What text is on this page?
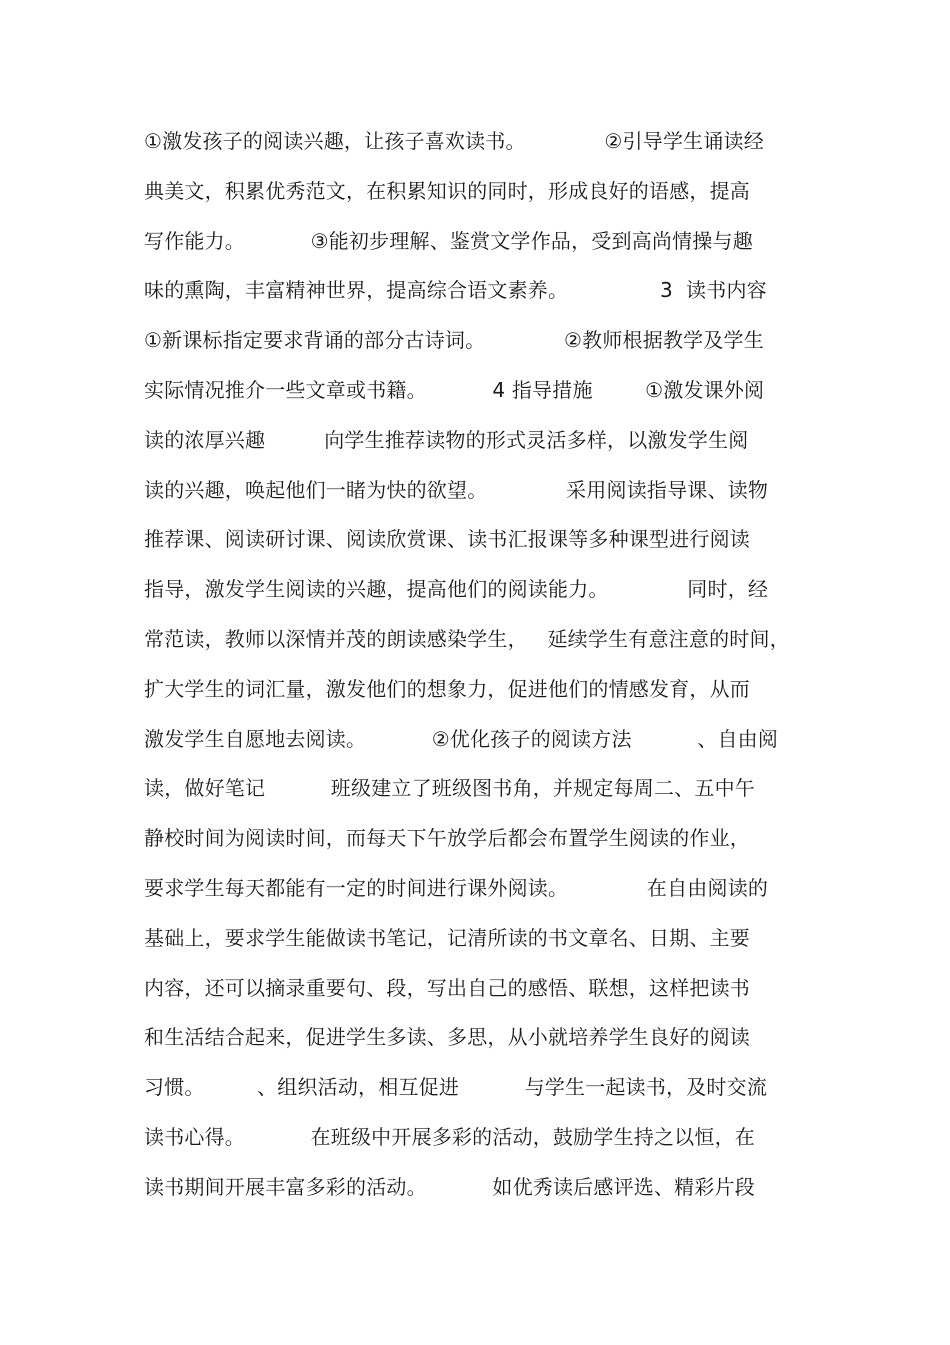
①激发孩子的阅读兴趣，让孩子喜欢读书。            ②引导学生诵读经
典美文，积累优秀范文，在积累知识的同时，形成良好的语感，提高
写作能力。          ③能初步理解、鉴赏文学作品，受到高尚情操与趣
味的熏陶，丰富精神世界，提高综合语文素养。              3  读书内容
①新课标指定要求背诵的部分古诗词。            ②教师根据教学及学生
实际情况推介一些文章或书籍。          4 指导措施        ①激发课外阅
读的浓厚兴趣         向学生推荐读物的形式灵活多样，以激发学生阅
读的兴趣，唤起他们一睹为快的欲望。            采用阅读指导课、读物
推荐课、阅读研讨课、阅读欣赏课、读书汇报课等多种课型进行阅读
指导，激发学生阅读的兴趣，提高他们的阅读能力。            同时，经
常范读，教师以深情并茂的朗读感染学生，   延续学生有意注意的时间，
扩大学生的词汇量，激发他们的想象力，促进他们的情感发育，从而
激发学生自愿地去阅读。          ②优化孩子的阅读方法          、自由阅
读，做好笔记          班级建立了班级图书角，并规定每周二、五中午
静校时间为阅读时间，而每天下午放学后都会布置学生阅读的作业，
要求学生每天都能有一定的时间进行课外阅读。            在自由阅读的
基础上，要求学生能做读书笔记，记清所读的书文章名、日期、主要
内容，还可以摘录重要句、段，写出自己的感悟、联想，这样把读书
和生活结合起来，促进学生多读、多思，从小就培养学生良好的阅读
习惯。        、组织活动，相互促进          与学生一起读书，及时交流
读书心得。          在班级中开展多彩的活动，鼓励学生持之以恒，在
读书期间开展丰富多彩的活动。          如优秀读后感评选、精彩片段
